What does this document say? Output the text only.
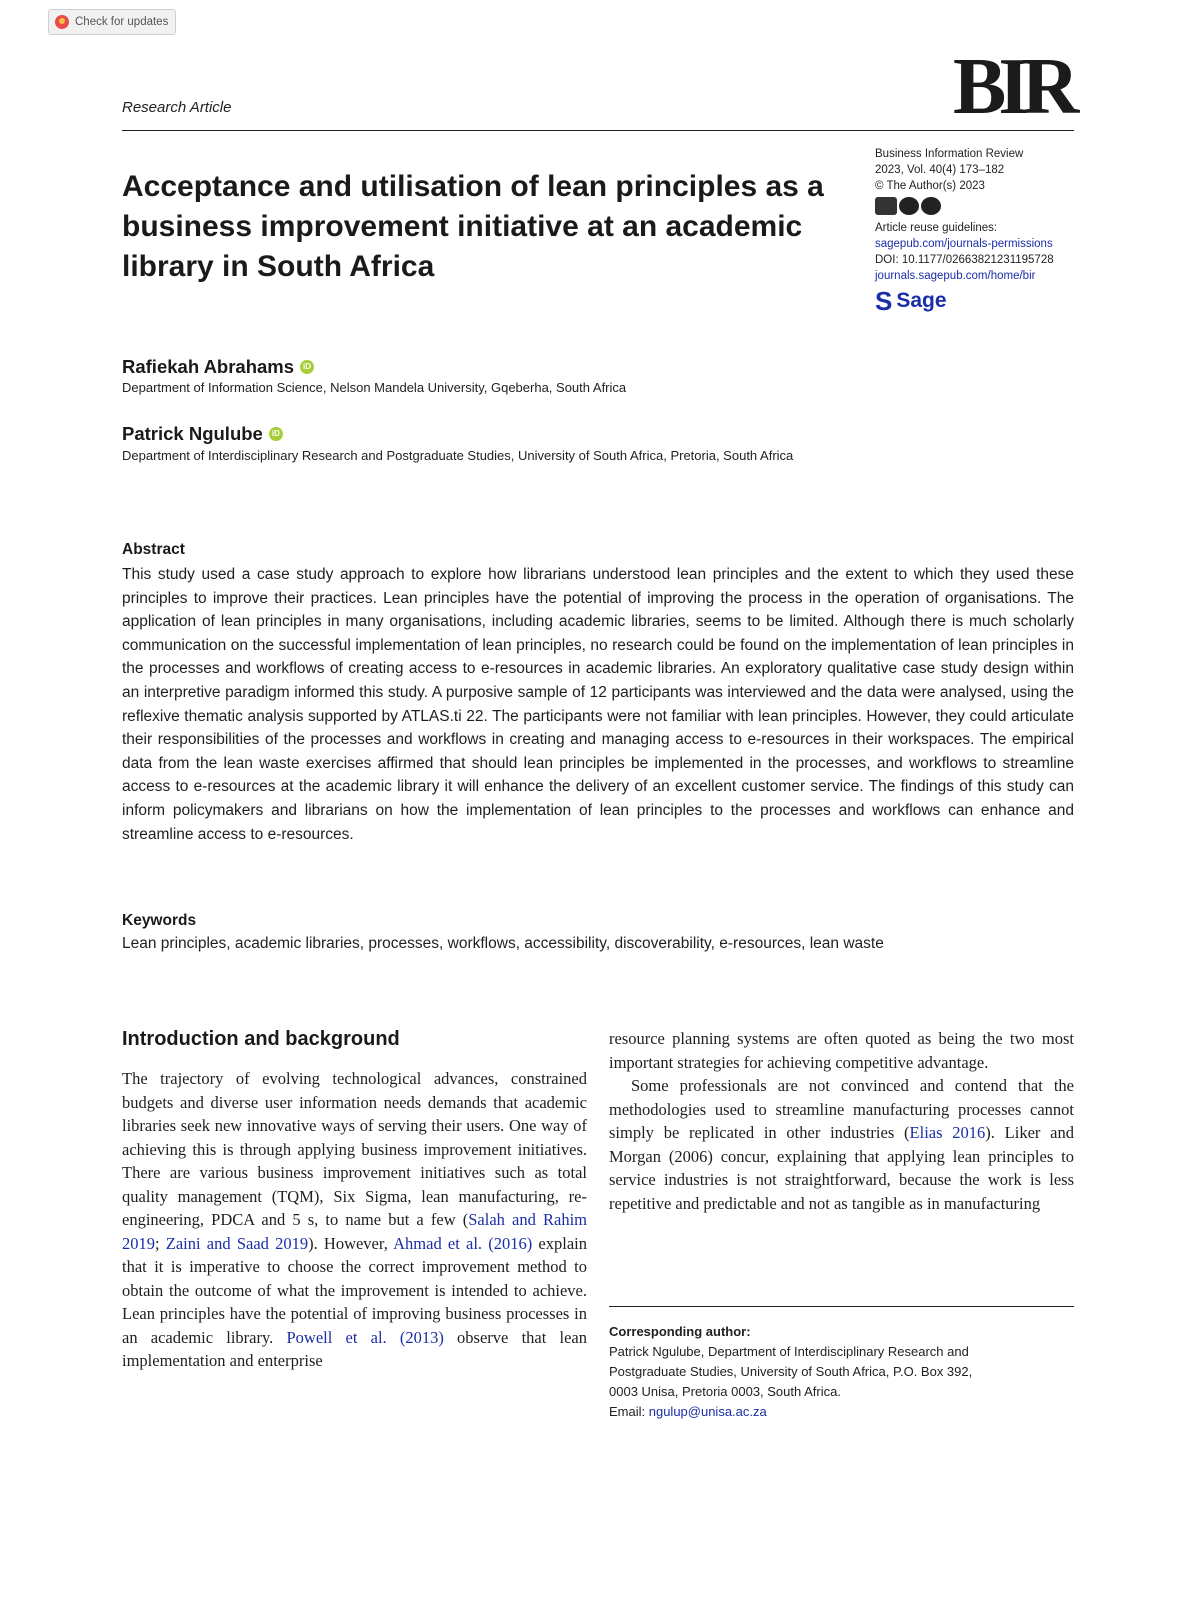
Check for updates
Research Article	BIR
Acceptance and utilisation of lean principles as a business improvement initiative at an academic library in South Africa
Business Information Review
2023, Vol. 40(4) 173–182
© The Author(s) 2023
Article reuse guidelines:
sagepub.com/journals-permissions
DOI: 10.1177/02663821231195728
journals.sagepub.com/home/bir
S Sage
Rafiekah Abrahams	iD
Department of Information Science, Nelson Mandela University, Gqeberha, South Africa
Patrick Ngulube	iD
Department of Interdisciplinary Research and Postgraduate Studies, University of South Africa, Pretoria, South Africa
Abstract

This study used a case study approach to explore how librarians understood lean principles and the extent to which they used these principles to improve their practices. Lean principles have the potential of improving the process in the operation of organisations. The application of lean principles in many organisations, including academic libraries, seems to be limited. Although there is much scholarly communication on the successful implementation of lean principles, no research could be found on the implementation of lean principles in the processes and workflows of creating access to e-resources in academic libraries. An exploratory qualitative case study design within an interpretive paradigm informed this study. A purposive sample of 12 participants was interviewed and the data were analysed, using the reflexive thematic analysis supported by ATLAS.ti 22. The participants were not familiar with lean principles. However, they could articulate their responsibilities of the processes and workflows in creating and managing access to e-resources in their workspaces. The empirical data from the lean waste exercises affirmed that should lean principles be implemented in the processes, and workflows to streamline access to e-resources at the academic library it will enhance the delivery of an excellent customer service. The findings of this study can inform policymakers and librarians on how the implementation of lean principles to the processes and workflows can enhance and streamline access to e-resources.

Keywords
Lean principles, academic libraries, processes, workflows, accessibility, discoverability, e-resources, lean waste
Introduction and background

The trajectory of evolving technological advances, constrained budgets and diverse user information needs demands that academic libraries seek new innovative ways of serving their users. One way of achieving this is through applying business improvement initiatives. There are various business improvement initiatives such as total quality management (TQM), Six Sigma, lean manufacturing, re-engineering, PDCA and 5 s, to name but a few (Salah and Rahim 2019; Zaini and Saad 2019). However, Ahmad et al. (2016) explain that it is imperative to choose the correct improvement method to obtain the outcome of what the improvement is intended to achieve. Lean principles have the potential of improving business processes in an academic library. Powell et al. (2013) observe that lean implementation and enterprise

resource planning systems are often quoted as being the two most important strategies for achieving competitive advantage.

Some professionals are not convinced and contend that the methodologies used to streamline manufacturing processes cannot simply be replicated in other industries (Elias 2016). Liker and Morgan (2006) concur, explaining that applying lean principles to service industries is not straightforward, because the work is less repetitive and predictable and not as tangible as in manufacturing

Corresponding author:
Patrick Ngulube, Department of Interdisciplinary Research and
Postgraduate Studies, University of South Africa, P.O. Box 392,
0003 Unisa, Pretoria 0003, South Africa.
Email: ngulup@unisa.ac.za
